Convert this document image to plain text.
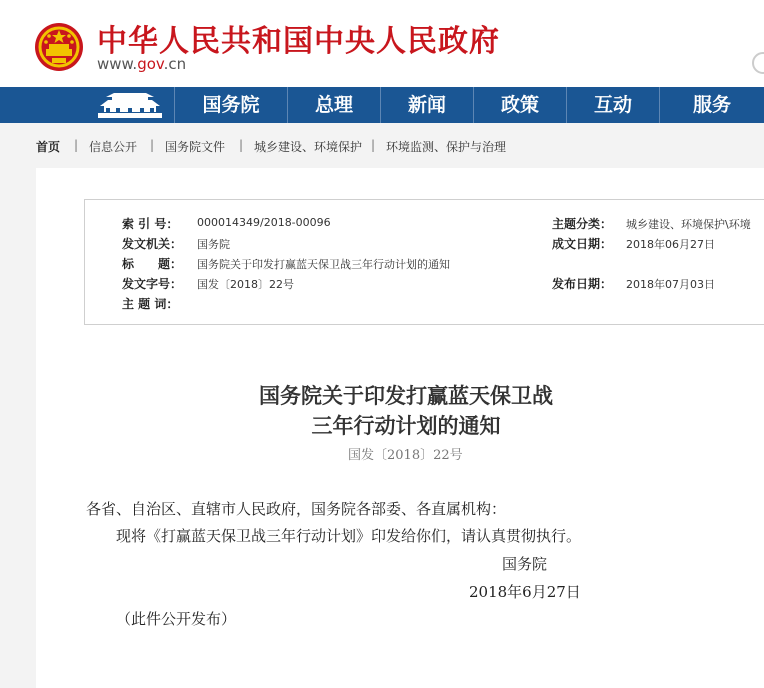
中华人民共和国中央人民政府
www.gov.cn
国务院	总理	新闻	政策	互动	服务
首页 | 信息公开 | 国务院文件 | 城乡建设、环境保护 | 环境监测、保护与治理
索 引 号： 000014349/2018-00096
发文机关： 国务院
标　　题： 国务院关于印发打赢蓝天保卫战三年行动计划的通知
发文字号： 国发〔2018〕22号
主 题 词：
主题分类： 城乡建设、环境保护\环境
成文日期： 2018年06月27日
发布日期： 2018年07月03日
国务院关于印发打赢蓝天保卫战
三年行动计划的通知
国发〔2018〕22号
各省、自治区、直辖市人民政府，国务院各部委、各直属机构：
现将《打赢蓝天保卫战三年行动计划》印发给你们，请认真贯彻执行。
国务院
2018年6月27日
（此件公开发布）
